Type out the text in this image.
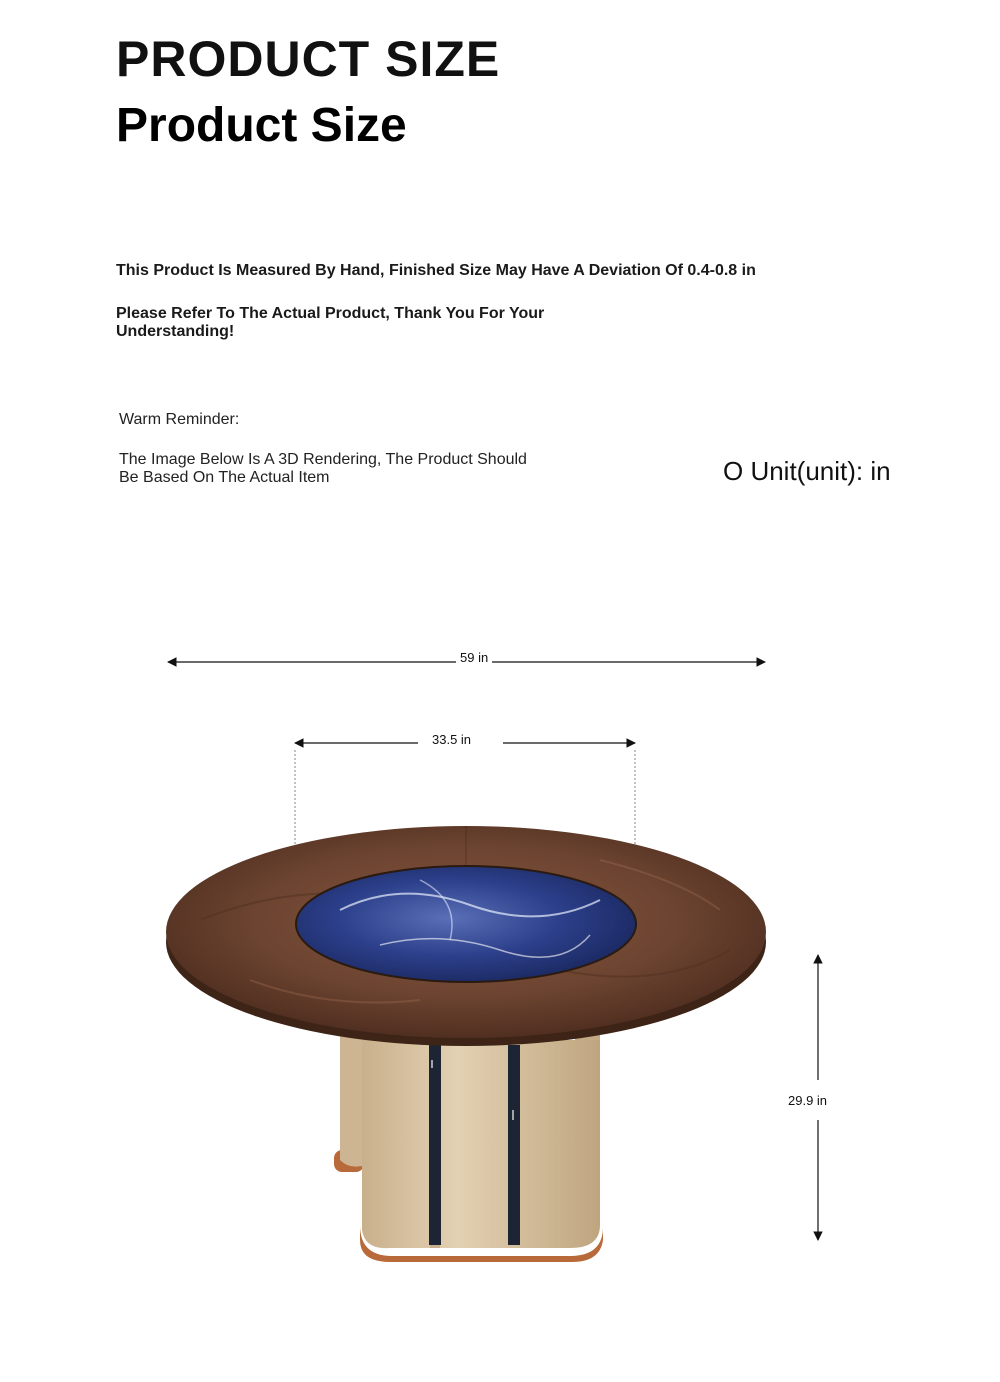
PRODUCT SIZE
Product Size
This Product Is Measured By Hand, Finished Size May Have A Deviation Of 0.4-0.8 in
Please Refer To The Actual Product, Thank You For Your Understanding!
Warm Reminder:
The Image Below Is A 3D Rendering, The Product Should Be Based On The Actual Item	O Unit(unit): in
59 in
33.5 in
29.9 in
